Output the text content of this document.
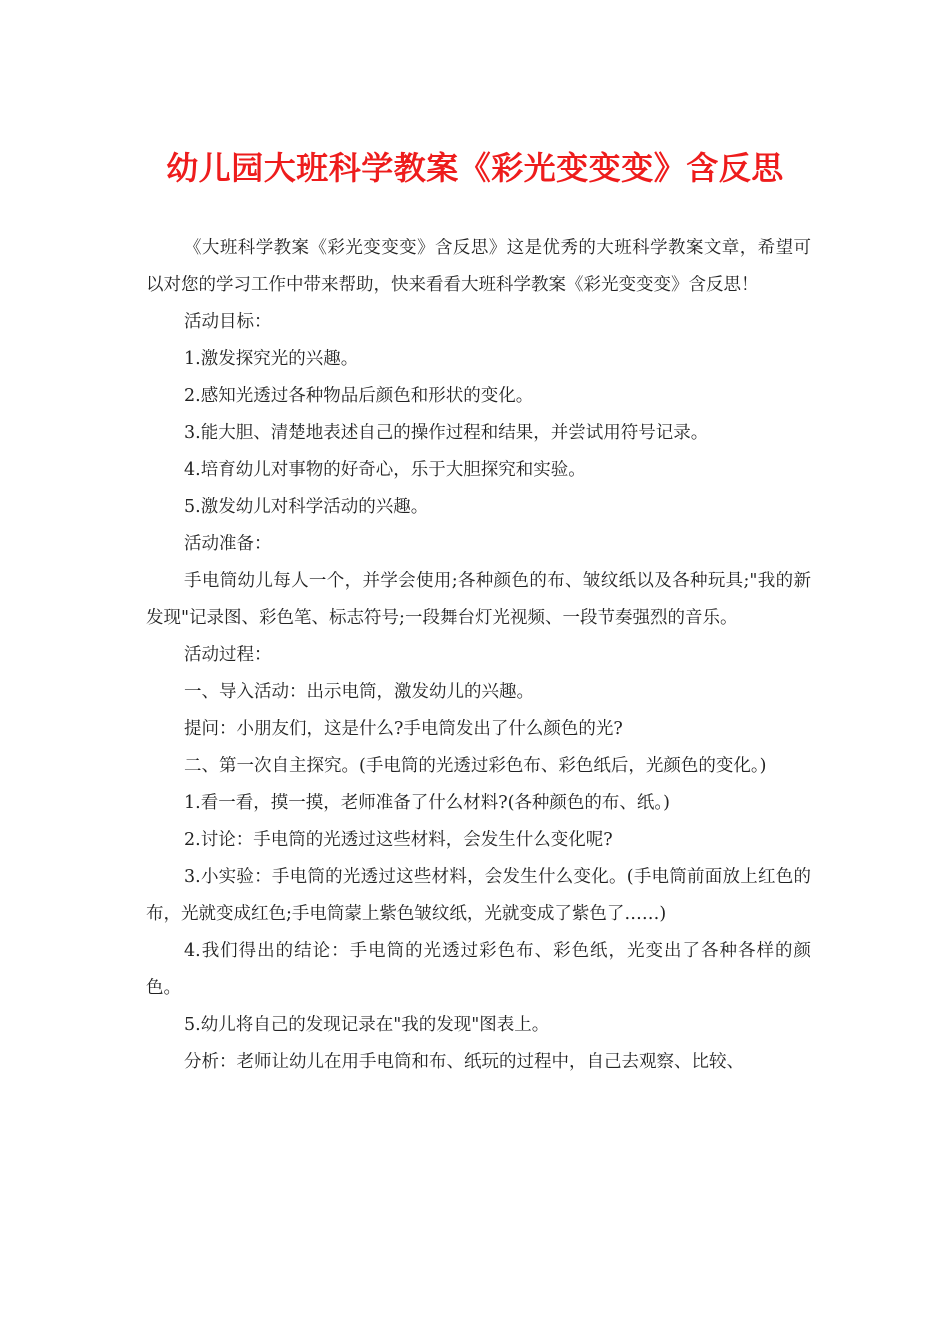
幼儿园大班科学教案《彩光变变变》含反思

《大班科学教案《彩光变变变》含反思》这是优秀的大班科学教案文章，希望可以对您的学习工作中带来帮助，快来看看大班科学教案《彩光变变变》含反思！

活动目标：

1.激发探究光的兴趣。

2.感知光透过各种物品后颜色和形状的变化。

3.能大胆、清楚地表述自己的操作过程和结果，并尝试用符号记录。

4.培育幼儿对事物的好奇心，乐于大胆探究和实验。

5.激发幼儿对科学活动的兴趣。

活动准备：

手电筒幼儿每人一个，并学会使用;各种颜色的布、皱纹纸以及各种玩具;"我的新发现"记录图、彩色笔、标志符号;一段舞台灯光视频、一段节奏强烈的音乐。

活动过程：

一、导入活动：出示电筒，激发幼儿的兴趣。

提问：小朋友们，这是什么?手电筒发出了什么颜色的光?

二、第一次自主探究。(手电筒的光透过彩色布、彩色纸后，光颜色的变化。)

1.看一看，摸一摸，老师准备了什么材料?(各种颜色的布、纸。)

2.讨论：手电筒的光透过这些材料，会发生什么变化呢?

3.小实验：手电筒的光透过这些材料，会发生什么变化。(手电筒前面放上红色的布，光就变成红色;手电筒蒙上紫色皱纹纸，光就变成了紫色了……)

4.我们得出的结论：手电筒的光透过彩色布、彩色纸，光变出了各种各样的颜色。

5.幼儿将自己的发现记录在"我的发现"图表上。

分析：老师让幼儿在用手电筒和布、纸玩的过程中，自己去观察、比较、
